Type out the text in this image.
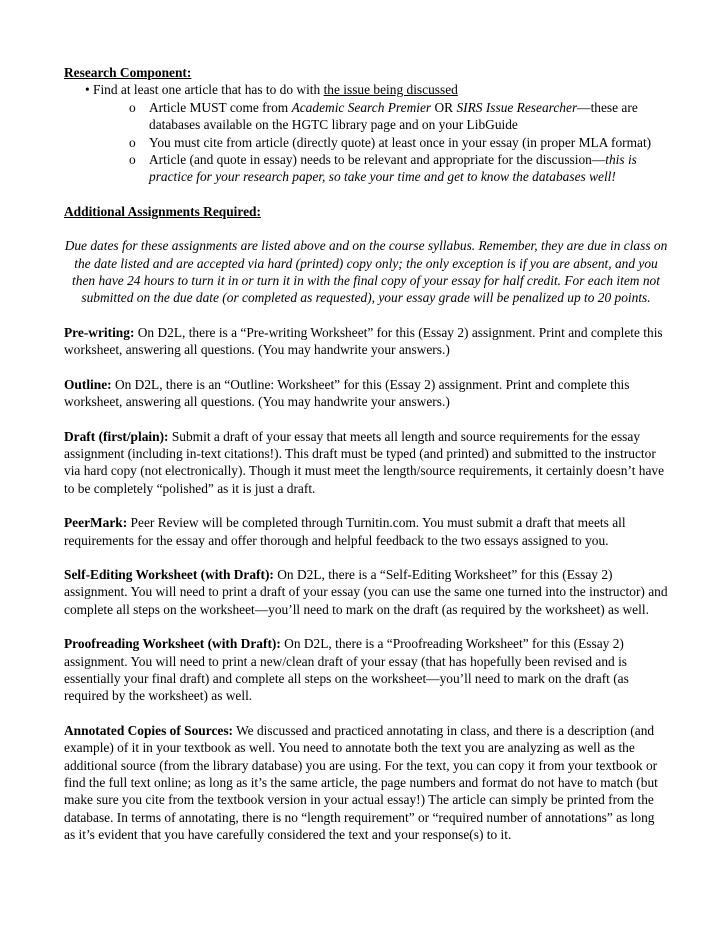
Research Component:
• Find at least one article that has to do with the issue being discussed
o Article MUST come from Academic Search Premier OR SIRS Issue Researcher—these are databases available on the HGTC library page and on your LibGuide
o You must cite from article (directly quote) at least once in your essay (in proper MLA format)
o Article (and quote in essay) needs to be relevant and appropriate for the discussion—this is practice for your research paper, so take your time and get to know the databases well!
Additional Assignments Required:
Due dates for these assignments are listed above and on the course syllabus. Remember, they are due in class on the date listed and are accepted via hard (printed) copy only; the only exception is if you are absent, and you then have 24 hours to turn it in or turn it in with the final copy of your essay for half credit. For each item not submitted on the due date (or completed as requested), your essay grade will be penalized up to 20 points.
Pre-writing: On D2L, there is a “Pre-writing Worksheet” for this (Essay 2) assignment. Print and complete this worksheet, answering all questions. (You may handwrite your answers.)
Outline: On D2L, there is an “Outline: Worksheet” for this (Essay 2) assignment. Print and complete this worksheet, answering all questions. (You may handwrite your answers.)
Draft (first/plain): Submit a draft of your essay that meets all length and source requirements for the essay assignment (including in-text citations!). This draft must be typed (and printed) and submitted to the instructor via hard copy (not electronically). Though it must meet the length/source requirements, it certainly doesn’t have to be completely “polished” as it is just a draft.
PeerMark: Peer Review will be completed through Turnitin.com. You must submit a draft that meets all requirements for the essay and offer thorough and helpful feedback to the two essays assigned to you.
Self-Editing Worksheet (with Draft): On D2L, there is a “Self-Editing Worksheet” for this (Essay 2) assignment. You will need to print a draft of your essay (you can use the same one turned into the instructor) and complete all steps on the worksheet—you’ll need to mark on the draft (as required by the worksheet) as well.
Proofreading Worksheet (with Draft): On D2L, there is a “Proofreading Worksheet” for this (Essay 2) assignment. You will need to print a new/clean draft of your essay (that has hopefully been revised and is essentially your final draft) and complete all steps on the worksheet—you’ll need to mark on the draft (as required by the worksheet) as well.
Annotated Copies of Sources: We discussed and practiced annotating in class, and there is a description (and example) of it in your textbook as well. You need to annotate both the text you are analyzing as well as the additional source (from the library database) you are using. For the text, you can copy it from your textbook or find the full text online; as long as it’s the same article, the page numbers and format do not have to match (but make sure you cite from the textbook version in your actual essay!) The article can simply be printed from the database. In terms of annotating, there is no “length requirement” or “required number of annotations” as long as it’s evident that you have carefully considered the text and your response(s) to it.
